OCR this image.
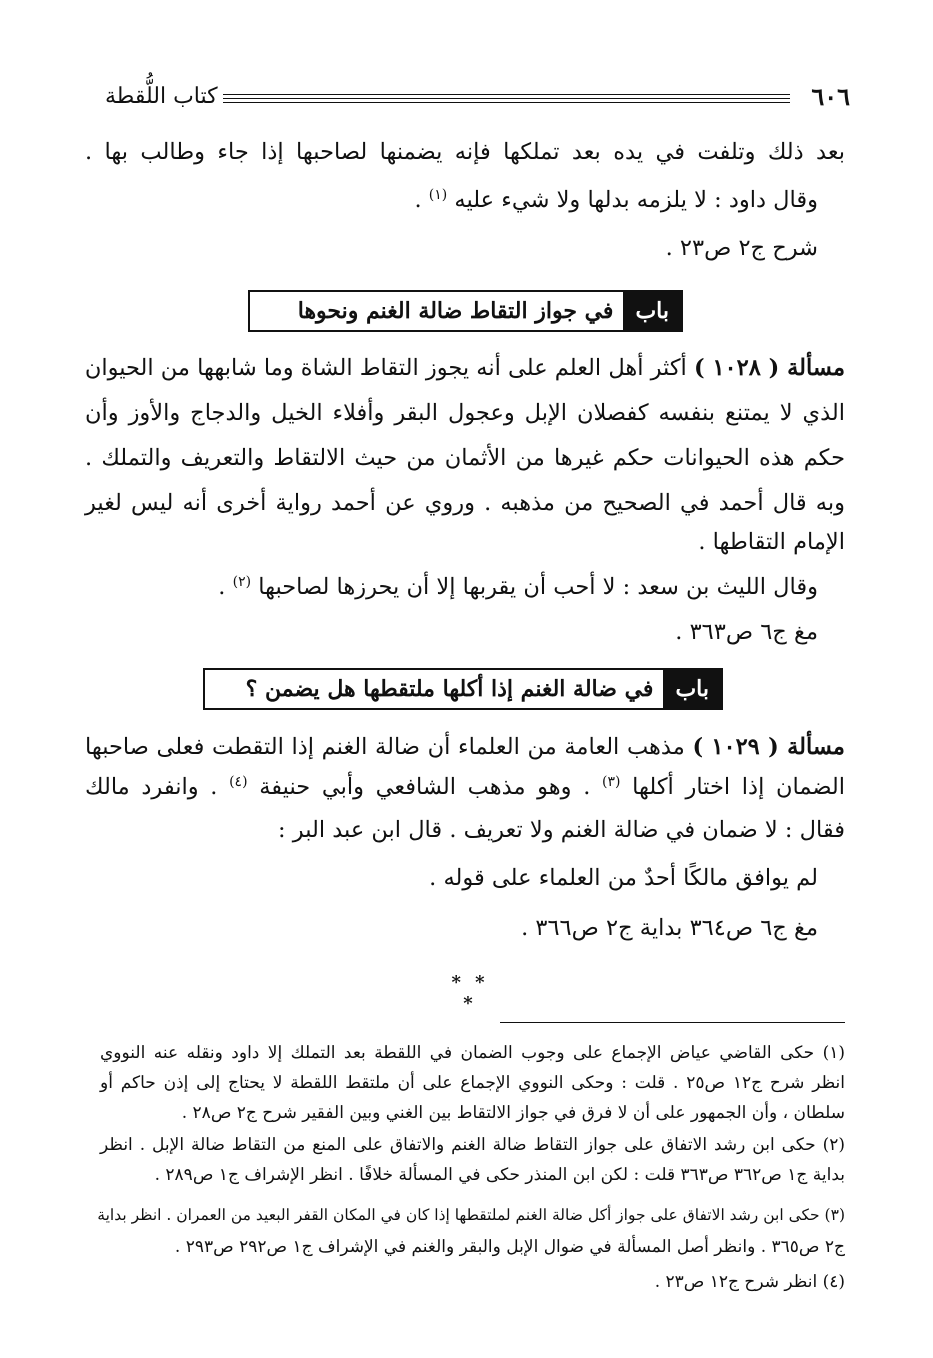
٦٠٦
كتاب اللُّقطة
بعد ذلك وتلفت في يده بعد تملكها فإنه يضمنها لصاحبها إذا جاء وطالب بها .
وقال داود : لا يلزمه بدلها ولا شيء عليه $^{(١)}$ .
شرح ج٢ ص٢٣ .
باب
في جواز التقاط ضالة الغنم ونحوها
مسألة ( ١٠٢٨ ) أكثر أهل العلم على أنه يجوز التقاط الشاة وما شابهها من الحيوان
الذي لا يمتنع بنفسه كفصلان الإبل وعجول البقر وأفلاء الخيل والدجاج والأوز وأن
حكم هذه الحيوانات حكم غيرها من الأثمان من حيث الالتقاط والتعريف والتملك .
وبه قال أحمد في الصحيح من مذهبه . وروي عن أحمد رواية أخرى أنه ليس لغير
الإمام التقاطها .
وقال الليث بن سعد : لا أحب أن يقربها إلا أن يحرزها لصاحبها $^{(٢)}$ .
مغ ج٦ ص٣٦٣ .
باب
في ضالة الغنم إذا أكلها ملتقطها هل يضمن ؟
مسألة ( ١٠٢٩ ) مذهب العامة من العلماء أن ضالة الغنم إذا التقطت فعلى صاحبها
الضمان إذا اختار أكلها $^{(٣)}$ . وهو مذهب الشافعي وأبي حنيفة $^{(٤)}$ . وانفرد مالك
فقال : لا ضمان في ضالة الغنم ولا تعريف . قال ابن عبد البر :
لم يوافق مالكًا أحدٌ من العلماء على قوله .
مغ ج٦ ص٣٦٤ بداية ج٢ ص٣٦٦ .
* * *
(١) حكى القاضي عياض الإجماع على وجوب الضمان في اللقطة بعد التملك إلا داود ونقله عنه النووي
انظر شرح ج١٢ ص٢٥ . قلت : وحكى النووي الإجماع على أن ملتقط اللقطة لا يحتاج إلى إذن حاكم أو
سلطان ، وأن الجمهور على أن لا فرق في جواز الالتقاط بين الغني وبين الفقير شرح ج٢ ص٢٨ .
(٢) حكى ابن رشد الاتفاق على جواز التقاط ضالة الغنم والاتفاق على المنع من التقاط ضالة الإبل . انظر
بداية ج١ ص٣٦٢ ص٣٦٣ قلت : لكن ابن المنذر حكى في المسألة خلافًا . انظر الإشراف ج١ ص٢٨٩ .
(٣) حكى ابن رشد الاتفاق على جواز أكل ضالة الغنم لملتقطها إذا كان في المكان القفر البعيد من العمران . انظر بداية
ج٢ ص٣٦٥ . وانظر أصل المسألة في ضوال الإبل والبقر والغنم في الإشراف ج١ ص٢٩٢ ص٢٩٣ .
(٤) انظر شرح ج١٢ ص٢٣ .
